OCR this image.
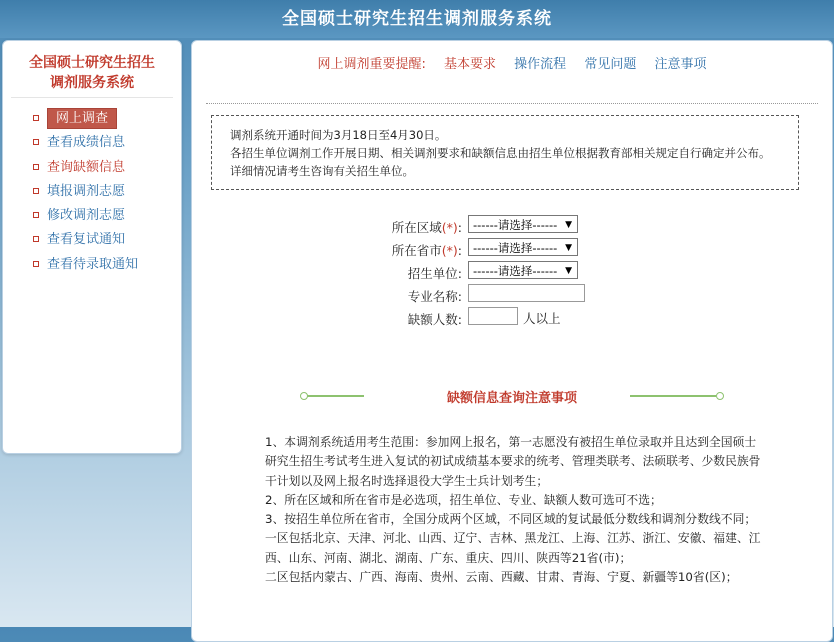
全国硕士研究生招生调剂服务系统
全国硕士研究生招生
调剂服务系统
网上调查
查看成绩信息
查询缺额信息
填报调剂志愿
修改调剂志愿
查看复试通知
查看待录取通知
网上调剂重要提醒: 基本要求 操作流程 常见问题 注意事项
调剂系统开通时间为3月18日至4月30日。
各招生单位调剂工作开展日期、相关调剂要求和缺额信息由招生单位根据教育部相关规定自行确定并公布。
详细情况请考生咨询有关招生单位。
所在区域(*): ------请选择------ ▼
所在省市(*): ------请选择------ ▼
招生单位: ------请选择------ ▼
专业名称:
缺额人数:	人以上
缺额信息查询注意事项

1、本调剂系统适用考生范围：参加网上报名，第一志愿没有被招生单位录取并且达到全国硕士研究生招生考试考生进入复试的初试成绩基本要求的统考、管理类联考、法硕联考、少数民族骨干计划以及网上报名时选择退役大学生士兵计划考生；

2、所在区域和所在省市是必选项，招生单位、专业、缺额人数可选可不选；

3、按招生单位所在省市，全国分成两个区域，不同区域的复试最低分数线和调剂分数线不同；

一区包括北京、天津、河北、山西、辽宁、吉林、黑龙江、上海、江苏、浙江、安徽、福建、江西、山东、河南、湖北、湖南、广东、重庆、四川、陕西等21省(市)；

二区包括内蒙古、广西、海南、贵州、云南、西藏、甘肃、青海、宁夏、新疆等10省(区)；
